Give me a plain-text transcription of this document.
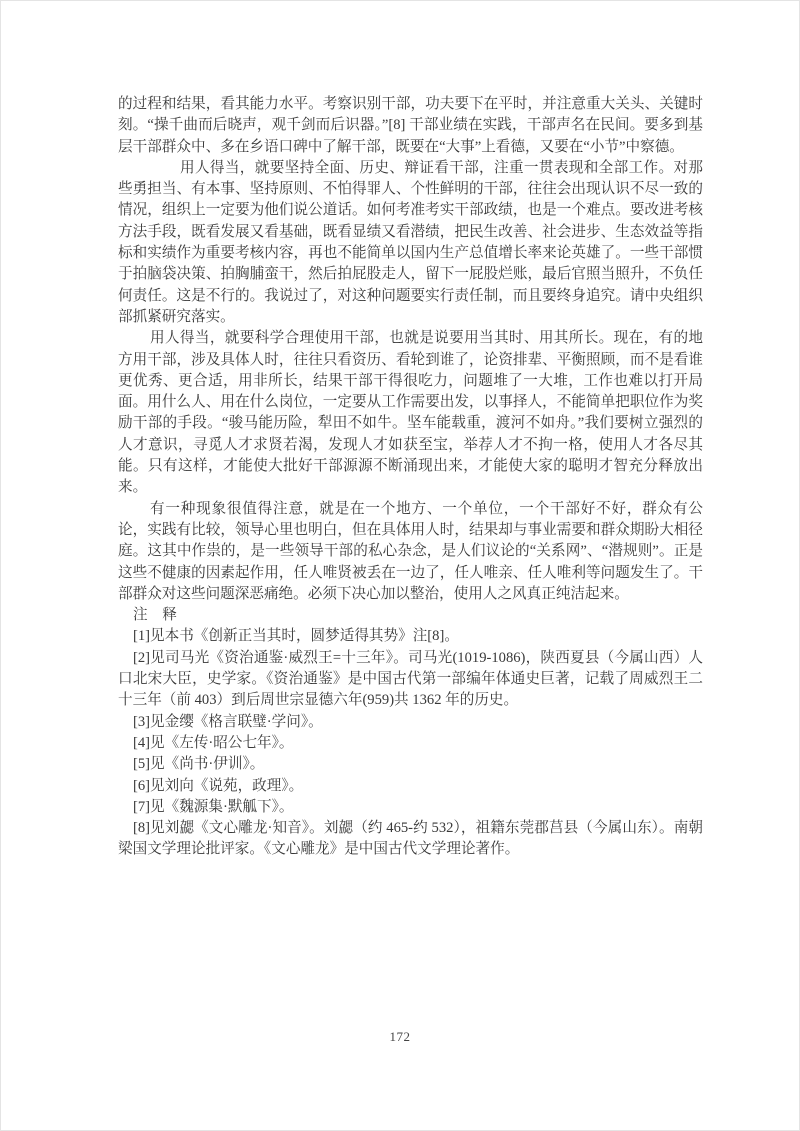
的过程和结果，看其能力水平。考察识别干部，功夫要下在平时，并注意重大关头、关键时刻。“操千曲而后晓声，观千剑而后识器。”[8] 干部业绩在实践，干部声名在民间。要多到基层干部群众中、多在乡语口碑中了解干部，既要在“大事”上看德，又要在“小节”中察德。

用人得当，就要坚持全面、历史、辩证看干部，注重一贯表现和全部工作。对那些勇担当、有本事、坚持原则、不怕得罪人、个性鲜明的干部，往往会出现认识不尽一致的情况，组织上一定要为他们说公道话。如何考准考实干部政绩，也是一个难点。要改进考核方法手段，既看发展又看基础，既看显绩又看潜绩，把民生改善、社会进步、生态效益等指标和实绩作为重要考核内容，再也不能简单以国内生产总值增长率来论英雄了。一些干部惯于拍脑袋决策、拍胸脯蛮干，然后拍屁股走人，留下一屁股烂账，最后官照当照升，不负任何责任。这是不行的。我说过了，对这种问题要实行责任制，而且要终身追究。请中央组织部抓紧研究落实。

用人得当，就要科学合理使用干部，也就是说要用当其时、用其所长。现在，有的地方用干部，涉及具体人时，往往只看资历、看轮到谁了，论资排辈、平衡照顾，而不是看谁更优秀、更合适，用非所长，结果干部干得很吃力，问题堆了一大堆，工作也难以打开局面。用什么人、用在什么岗位，一定要从工作需要出发，以事择人，不能简单把职位作为奖励干部的手段。“骏马能历险，犁田不如牛。坚车能载重，渡河不如舟。”我们要树立强烈的人才意识，寻觅人才求贤若渴，发现人才如获至宝，举荐人才不拘一格，使用人才各尽其能。只有这样，才能使大批好干部源源不断涌现出来，才能使大家的聪明才智充分释放出来。

有一种现象很值得注意，就是在一个地方、一个单位，一个干部好不好，群众有公论，实践有比较，领导心里也明白，但在具体用人时，结果却与事业需要和群众期盼大相径庭。这其中作祟的，是一些领导干部的私心杂念，是人们议论的“关系网”、“潜规则”。正是这些不健康的因素起作用，任人唯贤被丢在一边了，任人唯亲、任人唯利等问题发生了。干部群众对这些问题深恶痛绝。必须下决心加以整治，使用人之风真正纯洁起来。

注　释

[1]见本书《创新正当其时，圆梦适得其势》注[8]。

[2]见司马光《资治通鉴·威烈王=十三年》。司马光(1019-1086)，陕西夏县（今属山西）人口北宋大臣，史学家。《资治通鉴》是中国古代第一部编年体通史巨著，记载了周威烈王二十三年（前 403）到后周世宗显德六年(959)共 1362 年的历史。

[3]见金缨《格言联璧·学问》。

[4]见《左传·昭公七年》。

[5]见《尚书·伊训》。

[6]见刘向《说苑，政理》。

[7]见《魏源集·默觚下》。

[8]见刘勰《文心雕龙·知音》。刘勰（约 465-约 532），祖籍东莞郡莒县（今属山东）。南朝梁国文学理论批评家。《文心雕龙》是中国古代文学理论著作。

172
